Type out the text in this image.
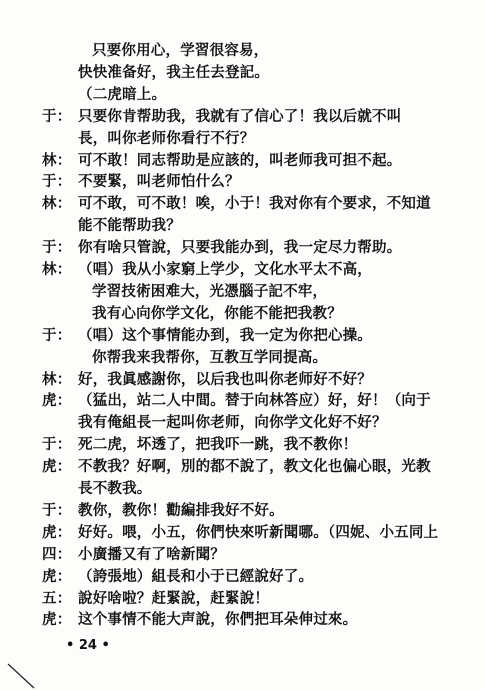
只要你用心，学習很容易，
快快准备好，我主任去登記。
（二虎暗上。
于： 只要你肯帮助我，我就有了信心了！我以后就不叫
長，叫你老师你看行不行？
林： 可不敢！同志帮助是应該的，叫老师我可担不起。
于： 不要緊，叫老师怕什么？
林： 可不敢，可不敢！唉，小于！我对你有个要求，不知道
能不能帮助我？
于： 你有啥只管說，只要我能办到，我一定尽力帮助。
林： （唱）我从小家窮上学少，文化水平太不高，
学習技術困难大，光憑腦子記不牢，
我有心向你学文化，你能不能把我教？
于： （唱）这个事情能办到，我一定为你把心操。
你帮我来我帮你，互教互学同提高。
林： 好，我眞感謝你，以后我也叫你老师好不好？
虎： （猛出，站二人中間。替于向林答应）好，好！（向于
我有俺組長一起叫你老师，向你学文化好不好？
于： 死二虎，坏透了，把我吓一跳，我不教你！
虎： 不教我？好啊，別的都不說了，教文化也偏心眼，光教
長不教我。
于： 教你，教你！勸編排我好不好。
虎： 好好。喂，小五，你們快來听新聞哪。（四妮、小五同上
四： 小廣播又有了啥新聞？
虎： （誇張地）組長和小于已經說好了。
五： 說好啥啦？赶緊說，赶緊說！
虎： 这个事情不能大声說，你們把耳朵伸过來。
• 24 •
